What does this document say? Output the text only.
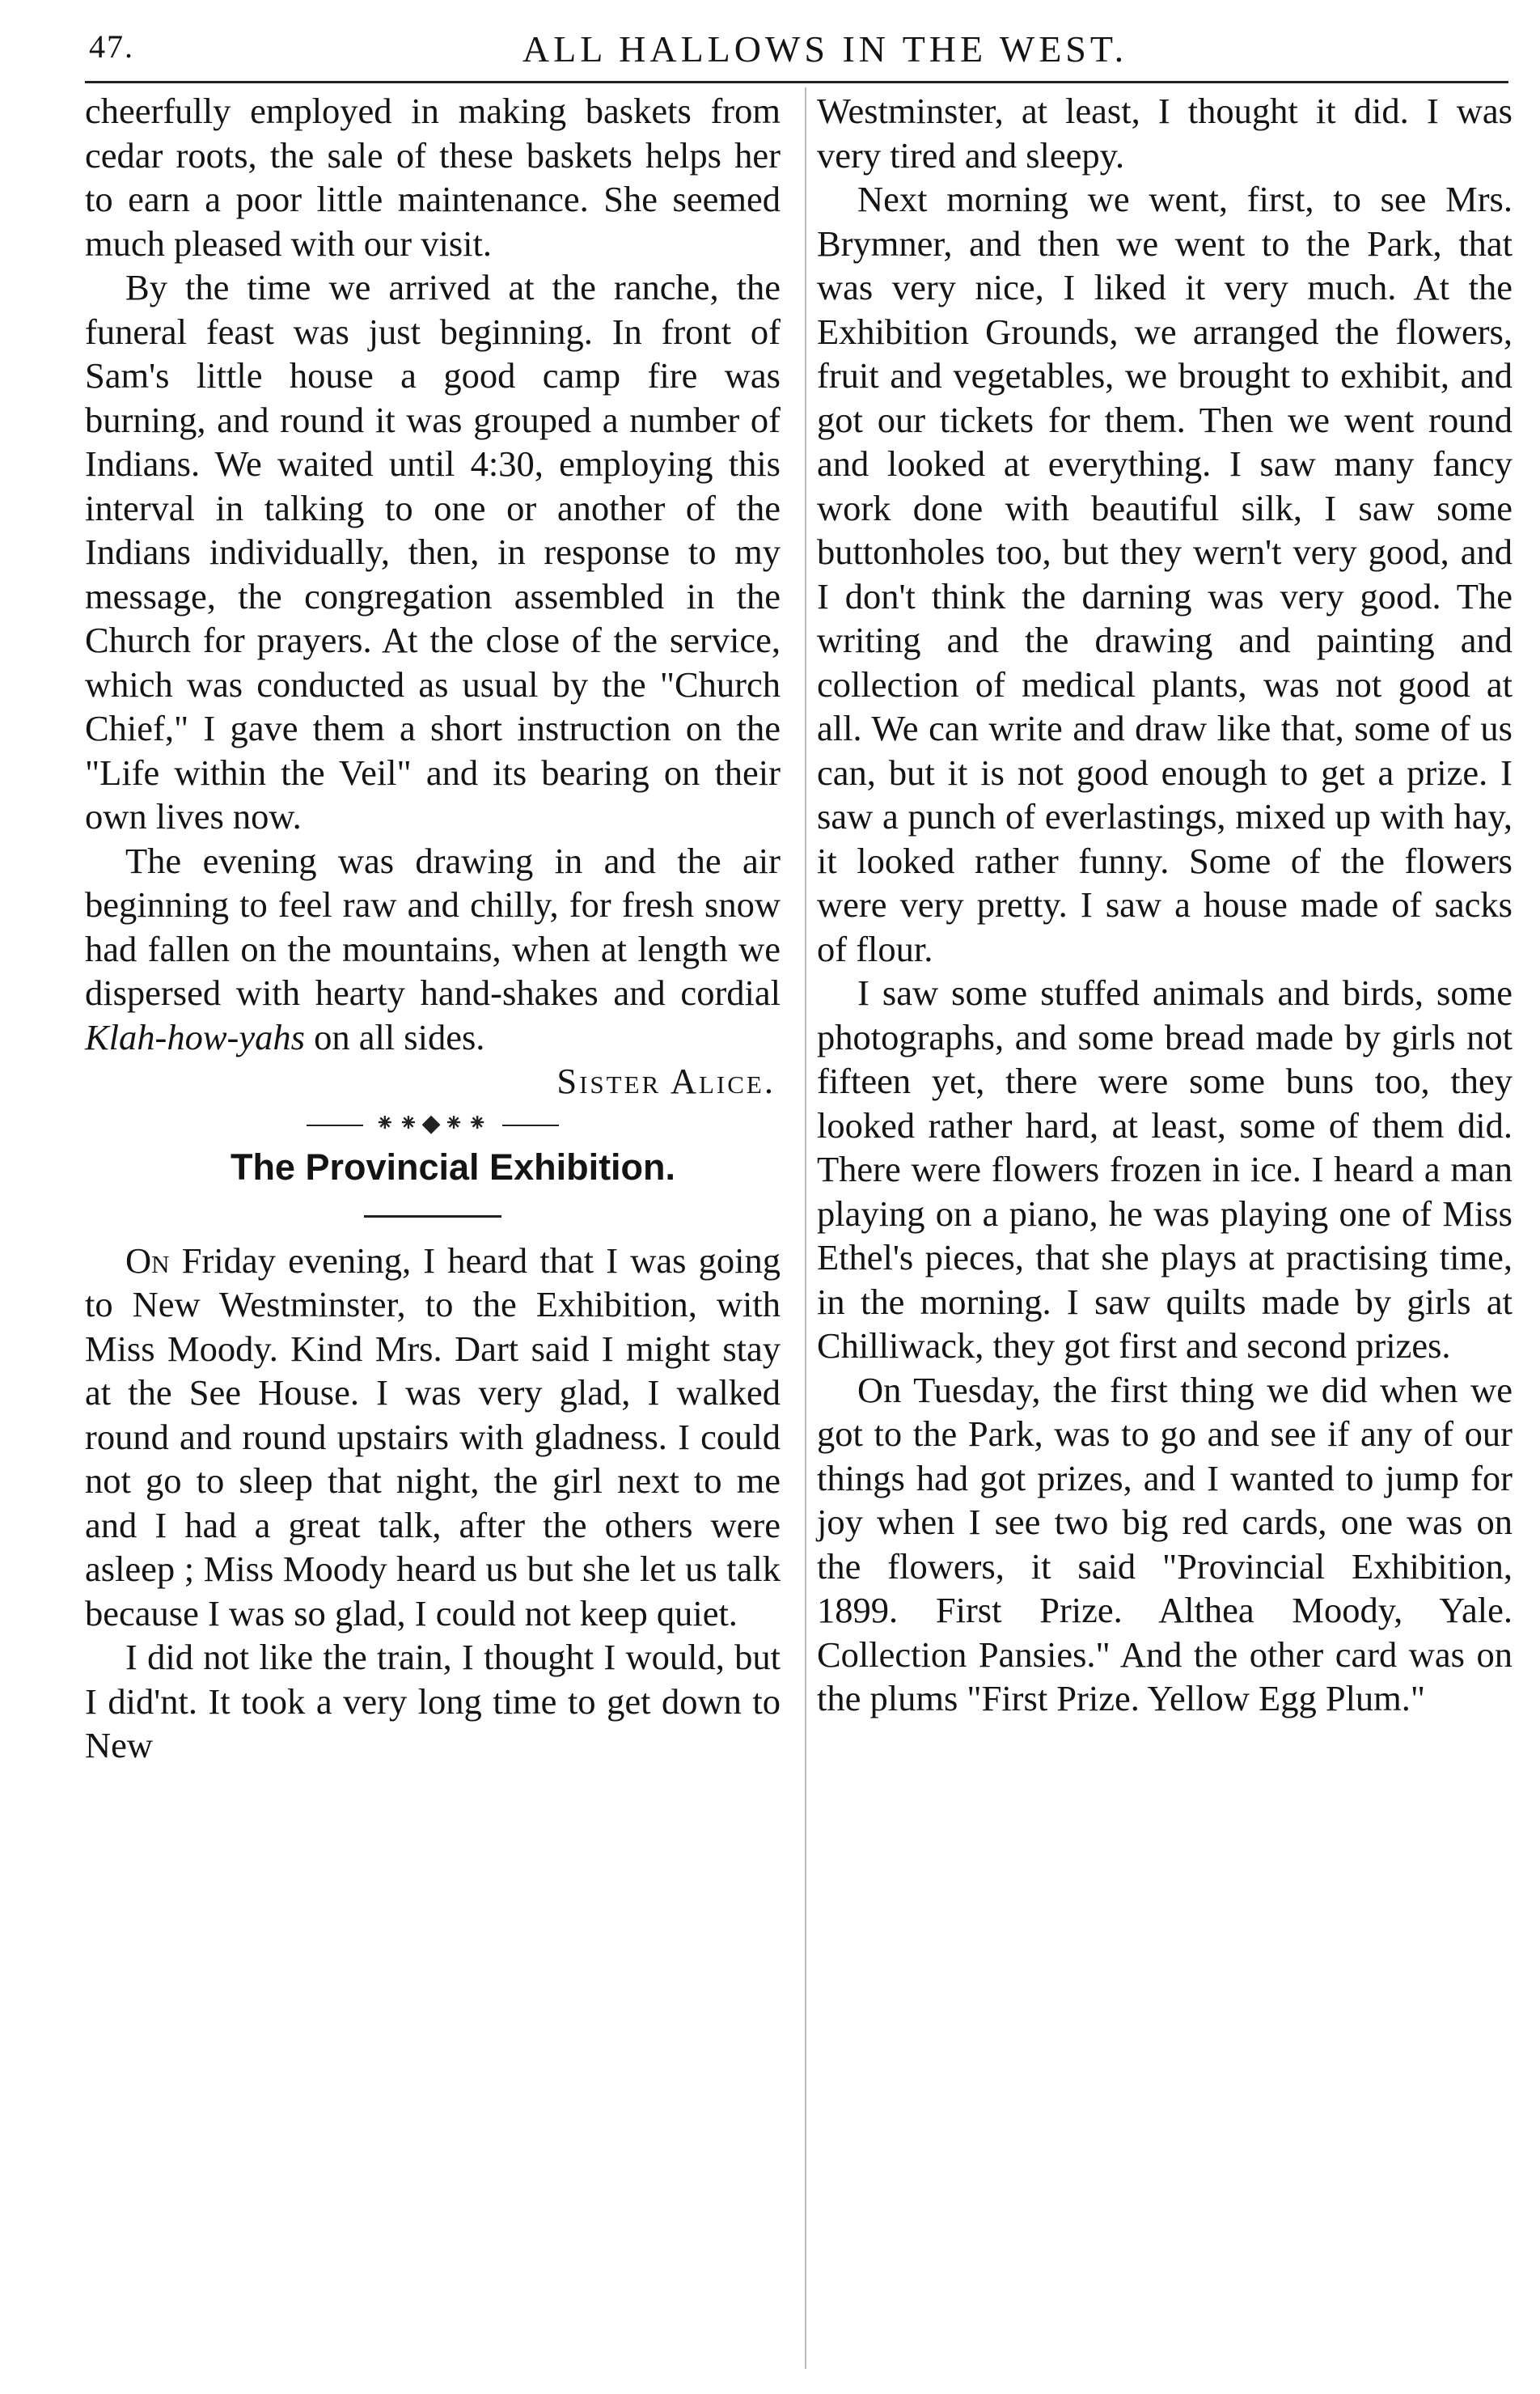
47.	ALL HALLOWS IN THE WEST.

cheerfully employed in making baskets from cedar roots, the sale of these baskets helps her to earn a poor little maintenance. She seemed much pleased with our visit.

By the time we arrived at the ranche, the funeral feast was just beginning. In front of Sam's little house a good camp fire was burning, and round it was grouped a number of Indians. We waited until 4:30, employing this interval in talking to one or another of the Indians individually, then, in response to my message, the congregation assembled in the Church for prayers. At the close of the service, which was conducted as usual by the "Church Chief," I gave them a short instruction on the "Life within the Veil" and its bearing on their own lives now.

The evening was drawing in and the air beginning to feel raw and chilly, for fresh snow had fallen on the mountains, when at length we dispersed with hearty hand-shakes and cordial Klah-how-yahs on all sides.

Sister Alice.

⁕⁕◆⁕⁕

The Provincial Exhibition.

On Friday evening, I heard that I was going to New Westminster, to the Exhibition, with Miss Moody. Kind Mrs. Dart said I might stay at the See House. I was very glad, I walked round and round upstairs with gladness. I could not go to sleep that night, the girl next to me and I had a great talk, after the others were asleep ; Miss Moody heard us but she let us talk because I was so glad, I could not keep quiet.

I did not like the train, I thought I would, but I did'nt. It took a very long time to get down to New

Westminster, at least, I thought it did. I was very tired and sleepy.

Next morning we went, first, to see Mrs. Brymner, and then we went to the Park, that was very nice, I liked it very much. At the Exhibition Grounds, we arranged the flowers, fruit and vegetables, we brought to exhibit, and got our tickets for them. Then we went round and looked at everything. I saw many fancy work done with beautiful silk, I saw some buttonholes too, but they wern't very good, and I don't think the darning was very good. The writing and the drawing and painting and collection of medical plants, was not good at all. We can write and draw like that, some of us can, but it is not good enough to get a prize. I saw a punch of everlastings, mixed up with hay, it looked rather funny. Some of the flowers were very pretty. I saw a house made of sacks of flour.

I saw some stuffed animals and birds, some photographs, and some bread made by girls not fifteen yet, there were some buns too, they looked rather hard, at least, some of them did. There were flowers frozen in ice. I heard a man playing on a piano, he was playing one of Miss Ethel's pieces, that she plays at practising time, in the morning. I saw quilts made by girls at Chilliwack, they got first and second prizes.

On Tuesday, the first thing we did when we got to the Park, was to go and see if any of our things had got prizes, and I wanted to jump for joy when I see two big red cards, one was on the flowers, it said "Provincial Exhibition, 1899. First Prize. Althea Moody, Yale. Collection Pansies." And the other card was on the plums "First Prize. Yellow Egg Plum."
